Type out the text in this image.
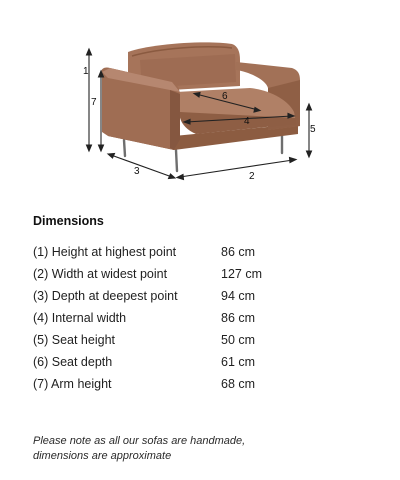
6
4
1
7
5
3	2
Dimensions
(1) Height at highest point	86 cm
(2) Width at widest point	127 cm
(3) Depth at deepest point	94 cm
(4) Internal width	86 cm
(5) Seat height	50 cm
(6) Seat depth	61 cm
(7) Arm height	68 cm
Please note as all our sofas are handmade,
dimensions are approximate
